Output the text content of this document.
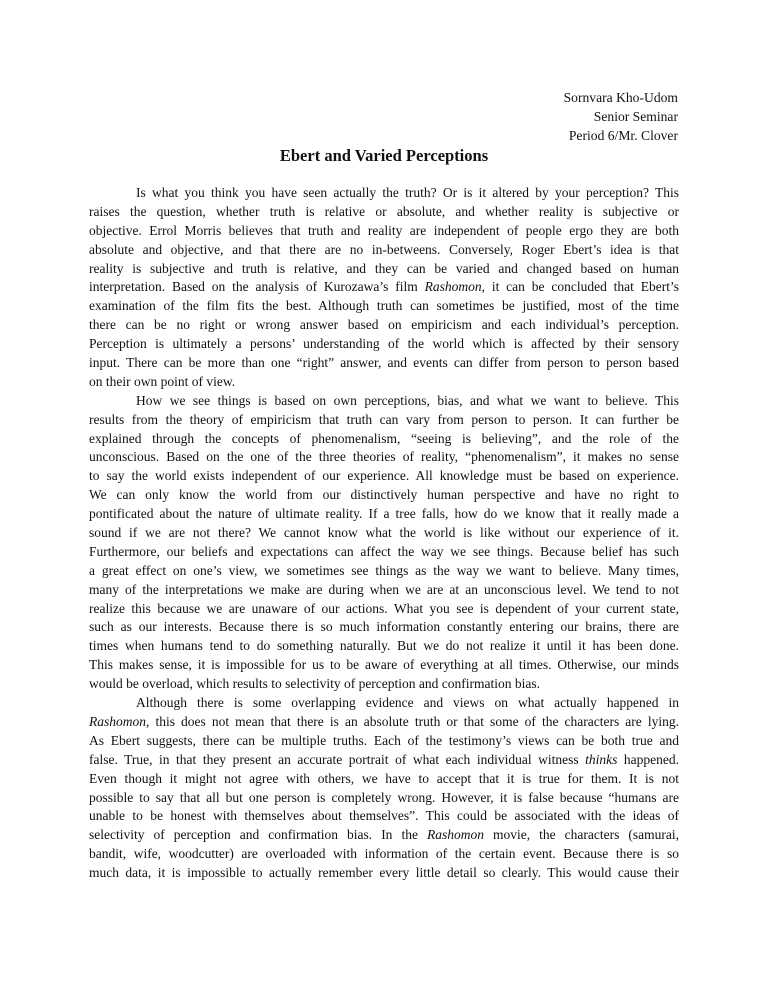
Sornvara Kho-Udom
Senior Seminar
Period 6/Mr. Clover
Ebert and Varied Perceptions
Is what you think you have seen actually the truth? Or is it altered by your perception? This
raises the question, whether truth is relative or absolute, and whether reality is subjective or
objective. Errol Morris believes that truth and reality are independent of people ergo they are both
absolute and objective, and that there are no in-betweens. Conversely, Roger Ebert’s idea is that
reality is subjective and truth is relative, and they can be varied and changed based on human
interpretation. Based on the analysis of Kurozawa’s film Rashomon, it can be concluded that Ebert’s
examination of the film fits the best. Although truth can sometimes be justified, most of the time
there can be no right or wrong answer based on empiricism and each individual’s perception.
Perception is ultimately a persons’ understanding of the world which is affected by their sensory
input. There can be more than one “right” answer, and events can differ from person to person based
on their own point of view.
How we see things is based on own perceptions, bias, and what we want to believe. This
results from the theory of empiricism that truth can vary from person to person. It can further be
explained through the concepts of phenomenalism, “seeing is believing”, and the role of the
unconscious. Based on the one of the three theories of reality, “phenomenalism”, it makes no sense
to say the world exists independent of our experience. All knowledge must be based on experience.
We can only know the world from our distinctively human perspective and have no right to
pontificated about the nature of ultimate reality. If a tree falls, how do we know that it really made a
sound if we are not there? We cannot know what the world is like without our experience of it.
Furthermore, our beliefs and expectations can affect the way we see things. Because belief has such
a great effect on one’s view, we sometimes see things as the way we want to believe. Many times,
many of the interpretations we make are during when we are at an unconscious level. We tend to not
realize this because we are unaware of our actions. What you see is dependent of your current state,
such as our interests. Because there is so much information constantly entering our brains, there are
times when humans tend to do something naturally. But we do not realize it until it has been done.
This makes sense, it is impossible for us to be aware of everything at all times. Otherwise, our minds
would be overload, which results to selectivity of perception and confirmation bias.
Although there is some overlapping evidence and views on what actually happened in
Rashomon, this does not mean that there is an absolute truth or that some of the characters are lying.
As Ebert suggests, there can be multiple truths. Each of the testimony’s views can be both true and
false. True, in that they present an accurate portrait of what each individual witness thinks happened.
Even though it might not agree with others, we have to accept that it is true for them. It is not
possible to say that all but one person is completely wrong. However, it is false because “humans are
unable to be honest with themselves about themselves”. This could be associated with the ideas of
selectivity of perception and confirmation bias. In the Rashomon movie, the characters (samurai,
bandit, wife, woodcutter) are overloaded with information of the certain event. Because there is so
much data, it is impossible to actually remember every little detail so clearly. This would cause their
